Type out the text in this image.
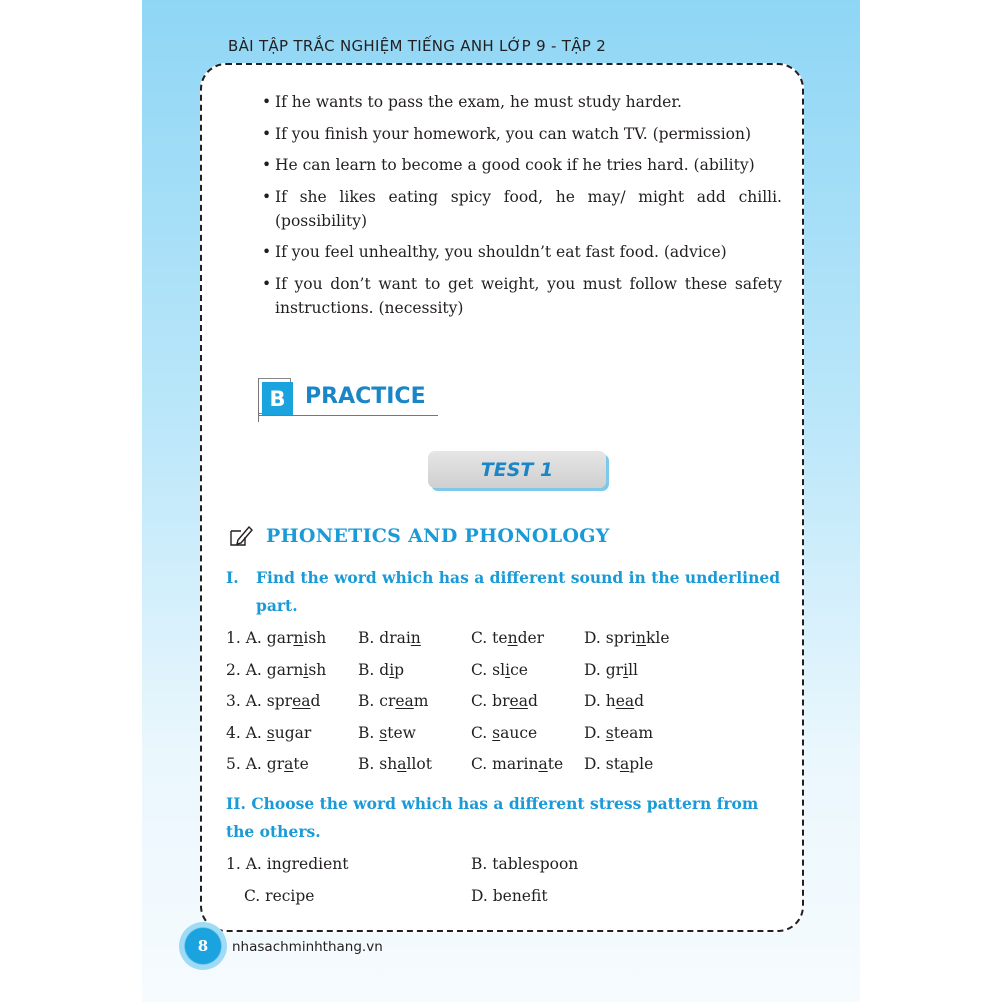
BÀI TẬP TRẮC NGHIỆM TIẾNG ANH LỚP 9 - TẬP 2
• If he wants to pass the exam, he must study harder.
• If you finish your homework, you can watch TV. (permission)
• He can learn to become a good cook if he tries hard. (ability)
• If she likes eating spicy food, he may/ might add chilli. (possibility)
• If you feel unhealthy, you shouldn’t eat fast food. (advice)
• If you don’t want to get weight, you must follow these safety instructions. (necessity)
B PRACTICE
TEST 1
PHONETICS AND PHONOLOGY
I. Find the word which has a different sound in the underlined part.
1. A. garnish B. drain	C. tender	D. sprinkle
2. A. garnish B. dip	C. slice	D. grill
3. A. spread B. cream	C. bread	D. head
4. A. sugar	B. stew	C. sauce	D. steam
5. A. grate	B. shallot	C. marinate D. staple
II. Choose the word which has a different stress pattern from the others.
1. A. ingredient	B. tablespoon
C. recipe	D. benefit
8	nhasachminhthang.vn
